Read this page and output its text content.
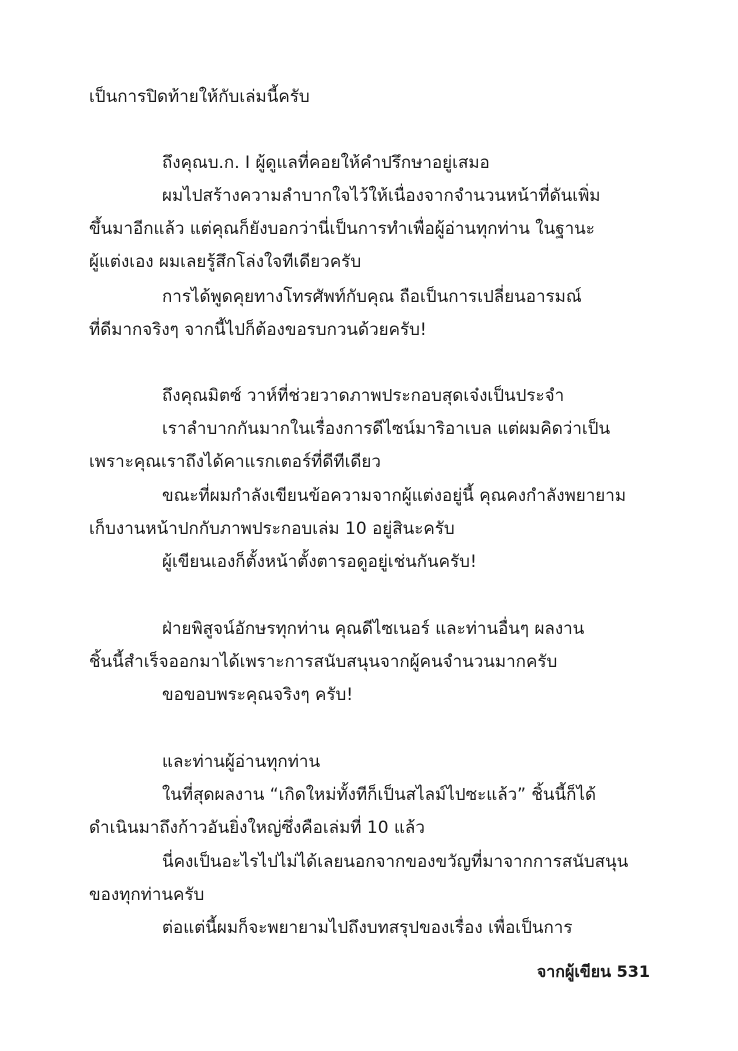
เป็นการปิดท้ายให้กับเล่มนี้ครับ
ถึงคุณบ.ก. I ผู้ดูแลที่คอยให้คำปรึกษาอยู่เสมอ
ผมไปสร้างความลำบากใจไว้ให้เนื่องจากจำนวนหน้าที่ดันเพิ่ม
ขึ้นมาอีกแล้ว แต่คุณก็ยังบอกว่านี่เป็นการทำเพื่อผู้อ่านทุกท่าน ในฐานะ
ผู้แต่งเอง ผมเลยรู้สึกโล่งใจทีเดียวครับ
การได้พูดคุยทางโทรศัพท์กับคุณ ถือเป็นการเปลี่ยนอารมณ์
ที่ดีมากจริงๆ จากนี้ไปก็ต้องขอรบกวนด้วยครับ!
ถึงคุณมิตซ์ วาห์ที่ช่วยวาดภาพประกอบสุดเจ๋งเป็นประจำ
เราลำบากกันมากในเรื่องการดีไซน์มาริอาเบล แต่ผมคิดว่าเป็น
เพราะคุณเราถึงได้คาแรกเตอร์ที่ดีทีเดียว
ขณะที่ผมกำลังเขียนข้อความจากผู้แต่งอยู่นี้ คุณคงกำลังพยายาม
เก็บงานหน้าปกกับภาพประกอบเล่ม 10 อยู่สินะครับ
ผู้เขียนเองก็ตั้งหน้าตั้งตารอดูอยู่เช่นกันครับ!
ฝ่ายพิสูจน์อักษรทุกท่าน คุณดีไซเนอร์ และท่านอื่นๆ ผลงาน
ชิ้นนี้สำเร็จออกมาได้เพราะการสนับสนุนจากผู้คนจำนวนมากครับ
ขอขอบพระคุณจริงๆ ครับ!
และท่านผู้อ่านทุกท่าน
ในที่สุดผลงาน “เกิดใหม่ทั้งทีก็เป็นสไลม์ไปซะแล้ว” ชิ้นนี้ก็ได้
ดำเนินมาถึงก้าวอันยิ่งใหญ่ซึ่งคือเล่มที่ 10 แล้ว
นี่คงเป็นอะไรไปไม่ได้เลยนอกจากของขวัญที่มาจากการสนับสนุน
ของทุกท่านครับ
ต่อแต่นี้ผมก็จะพยายามไปถึงบทสรุปของเรื่อง เพื่อเป็นการ
จากผู้เขียน 531
